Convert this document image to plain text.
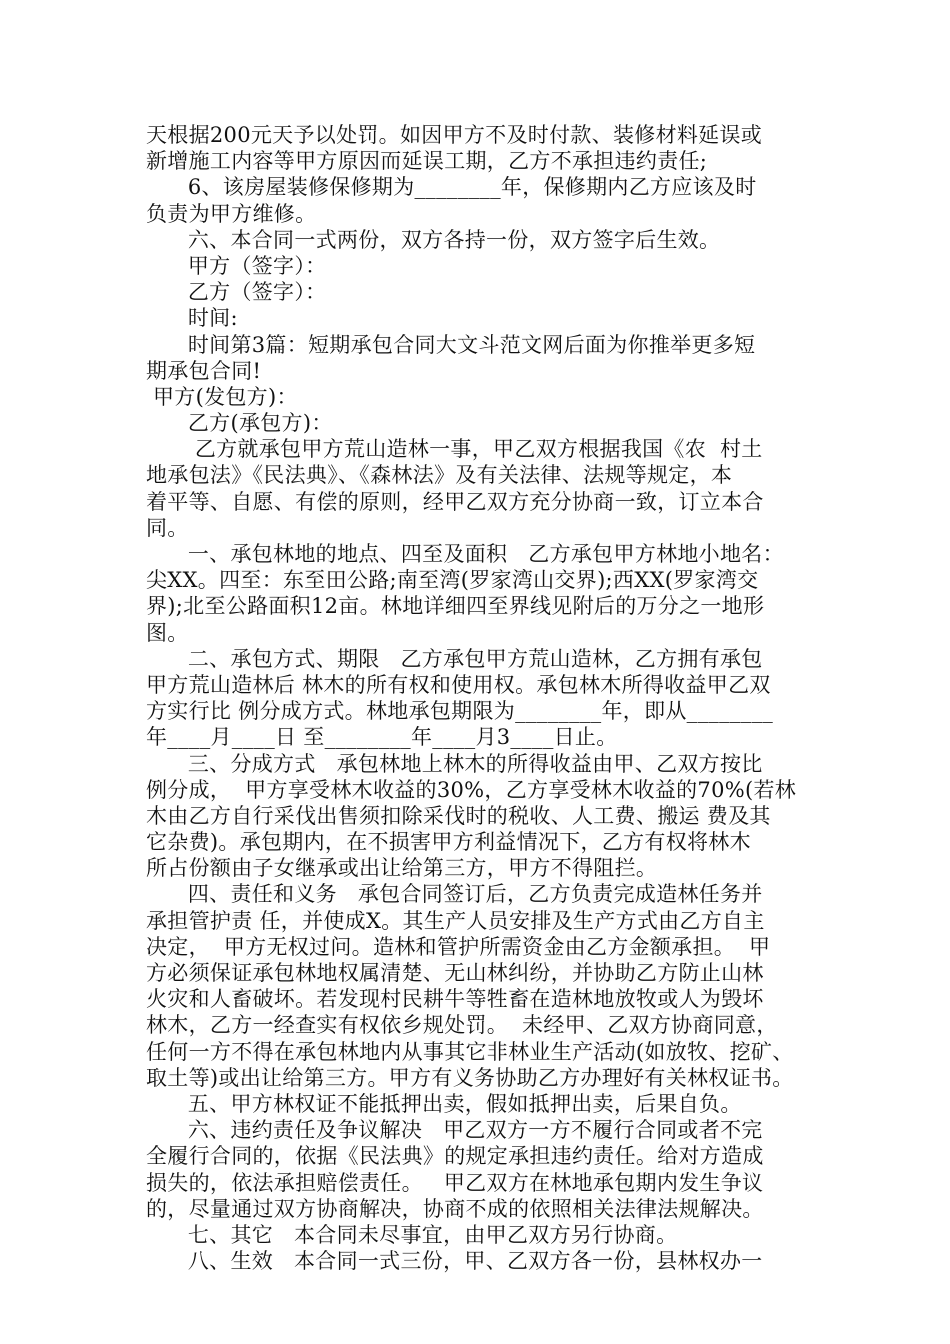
天根据200元天予以处罚。如因甲方不及时付款、装修材料延误或
新增施工内容等甲方原因而延误工期，乙方不承担违约责任;
6、该房屋装修保修期为________年，保修期内乙方应该及时
负责为甲方维修。
六、本合同一式两份，双方各持一份，双方签字后生效。
甲方（签字）：
乙方（签字）：
时间:
时间第3篇：短期承包合同大文斗范文网后面为你推举更多短
期承包合同!
甲方(发包方)：
乙方(承包方)：
乙方就承包甲方荒山造林一事，甲乙双方根据我国《农  村土
地承包法》《民法典》、《森林法》及有关法律、法规等规定，本
着平等、自愿、有偿的原则，经甲乙双方充分协商一致，订立本合
同。
一、承包林地的地点、四至及面积   乙方承包甲方林地小地名：
尖XX。四至：东至田公路;南至湾(罗家湾山交界);西XX(罗家湾交
界);北至公路面积12亩。林地详细四至界线见附后的万分之一地形
图。
二、承包方式、期限   乙方承包甲方荒山造林，乙方拥有承包
甲方荒山造林后 林木的所有权和使用权。承包林木所得收益甲乙双
方实行比 例分成方式。林地承包期限为________年，即从________
年____月____日 至________年____月3____日止。
三、分成方式   承包林地上林木的所得收益由甲、乙双方按比
例分成，  甲方享受林木收益的30%，乙方享受林木收益的70%(若林
木由乙方自行采伐出售须扣除采伐时的税收、人工费、搬运 费及其
它杂费)。承包期内，在不损害甲方利益情况下，乙方有权将林木
所占份额由子女继承或出让给第三方，甲方不得阻拦。
四、责任和义务   承包合同签订后，乙方负责完成造林任务并
承担管护责 任，并使成X。其生产人员安排及生产方式由乙方自主
决定，  甲方无权过问。造林和管护所需资金由乙方金额承担。  甲
方必须保证承包林地权属清楚、无山林纠纷，并协助乙方防止山林
火灾和人畜破坏。若发现村民耕牛等牲畜在造林地放牧或人为毁坏
林木，乙方一经查实有权依乡规处罚。  未经甲、乙双方协商同意，
任何一方不得在承包林地内从事其它非林业生产活动(如放牧、挖矿、
取土等)或出让给第三方。甲方有义务协助乙方办理好有关林权证书。
五、甲方林权证不能抵押出卖，假如抵押出卖，后果自负。
六、违约责任及争议解决   甲乙双方一方不履行合同或者不完
全履行合同的，依据《民法典》的规定承担违约责任。给对方造成
损失的，依法承担赔偿责任。   甲乙双方在林地承包期内发生争议
的，尽量通过双方协商解决，协商不成的依照相关法律法规解决。
七、其它   本合同未尽事宜，由甲乙双方另行协商。
八、生效   本合同一式三份，甲、乙双方各一份，县林权办一
